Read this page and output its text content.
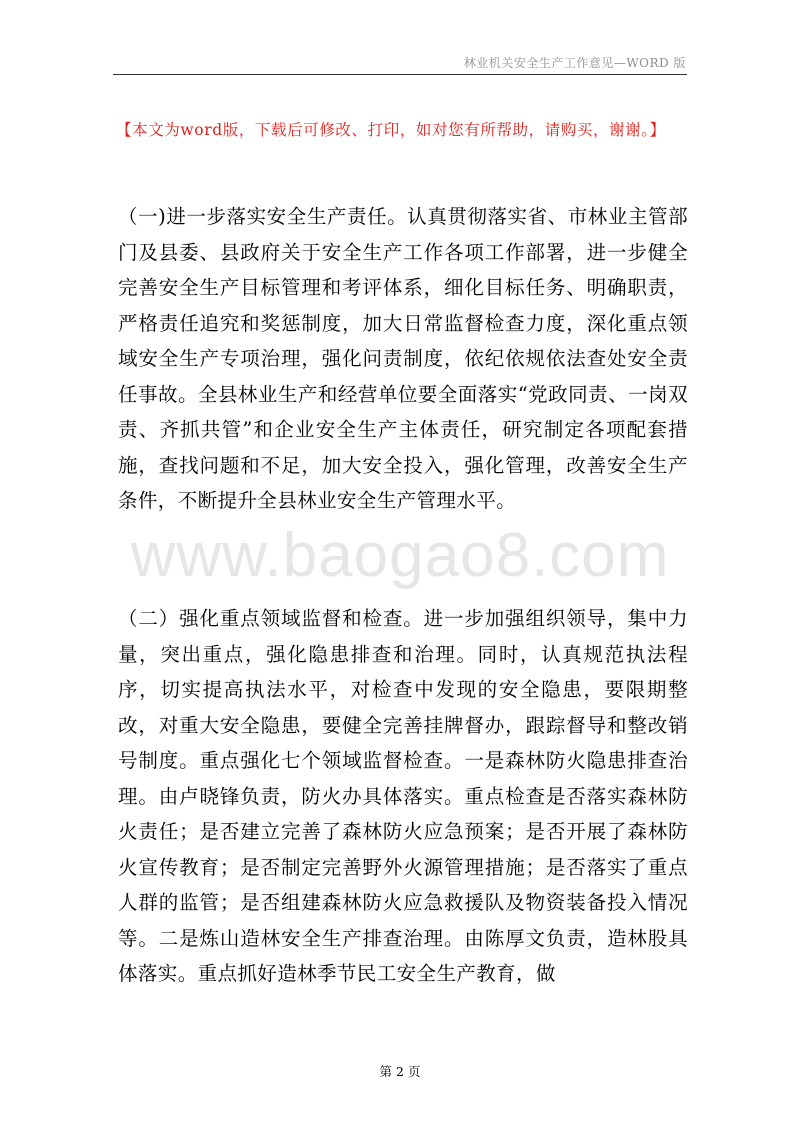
林业机关安全生产工作意见—WORD 版
【本文为word版，下载后可修改、打印，如对您有所帮助，请购买，谢谢。】

（一)进一步落实安全生产责任。认真贯彻落实省、市林业主管部门及县委、县政府关于安全生产工作各项工作部署，进一步健全完善安全生产目标管理和考评体系，细化目标任务、明确职责，严格责任追究和奖惩制度，加大日常监督检查力度，深化重点领域安全生产专项治理，强化问责制度，依纪依规依法查处安全责任事故。全县林业生产和经营单位要全面落实“党政同责、一岗双责、齐抓共管”和企业安全生产主体责任，研究制定各项配套措施，查找问题和不足，加大安全投入，强化管理，改善安全生产条件，不断提升全县林业安全生产管理水平。

www.baogao8.com

（二）强化重点领域监督和检查。进一步加强组织领导，集中力量，突出重点，强化隐患排查和治理。同时，认真规范执法程序，切实提高执法水平，对检查中发现的安全隐患，要限期整改，对重大安全隐患，要健全完善挂牌督办，跟踪督导和整改销号制度。重点强化七个领域监督检查。一是森林防火隐患排查治理。由卢晓锋负责，防火办具体落实。重点检查是否落实森林防火责任；是否建立完善了森林防火应急预案；是否开展了森林防火宣传教育；是否制定完善野外火源管理措施；是否落实了重点人群的监管；是否组建森林防火应急救援队及物资装备投入情况等。二是炼山造林安全生产排查治理。由陈厚文负责，造林股具体落实。重点抓好造林季节民工安全生产教育，做

第 2 页
